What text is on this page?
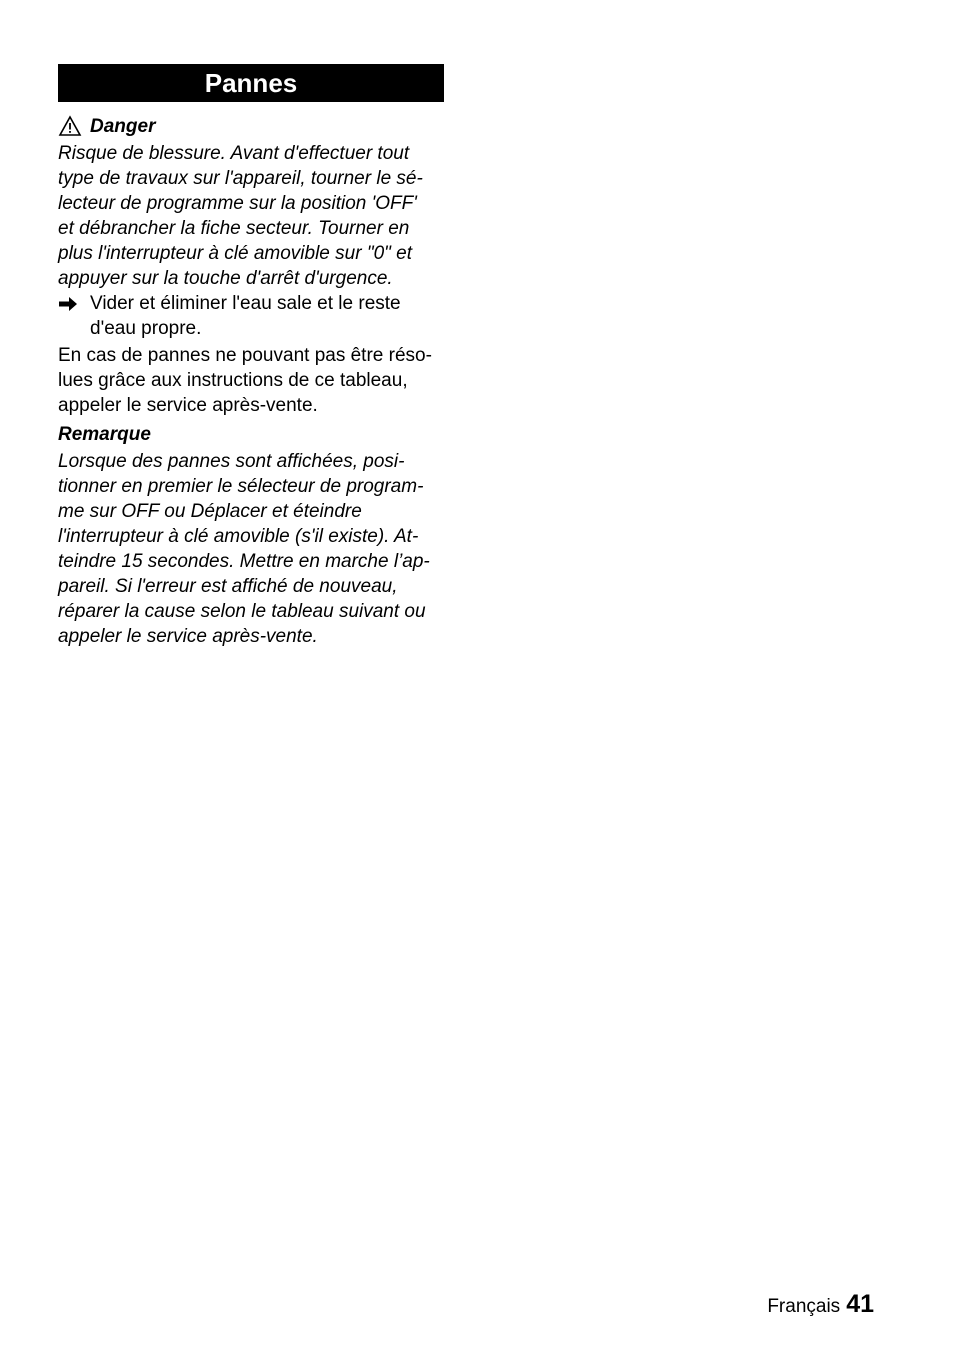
Pannes
Danger

Risque de blessure. Avant d'effectuer tout
type de travaux sur l'appareil, tourner le sé-
lecteur de programme sur la position 'OFF'
et débrancher la fiche secteur. Tourner en
plus l'interrupteur à clé amovible sur "0" et
appuyer sur la touche d'arrêt d'urgence.

Vider et éliminer l'eau sale et le reste
d'eau propre.

En cas de pannes ne pouvant pas être réso-
lues grâce aux instructions de ce tableau,
appeler le service après-vente.

Remarque

Lorsque des pannes sont affichées, posi-
tionner en premier le sélecteur de program-
me sur OFF ou Déplacer et éteindre
l'interrupteur à clé amovible (s'il existe). At-
teindre 15 secondes. Mettre en marche l’ap-
pareil. Si l'erreur est affiché de nouveau,
réparer la cause selon le tableau suivant ou
appeler le service après-vente.

Français 41
